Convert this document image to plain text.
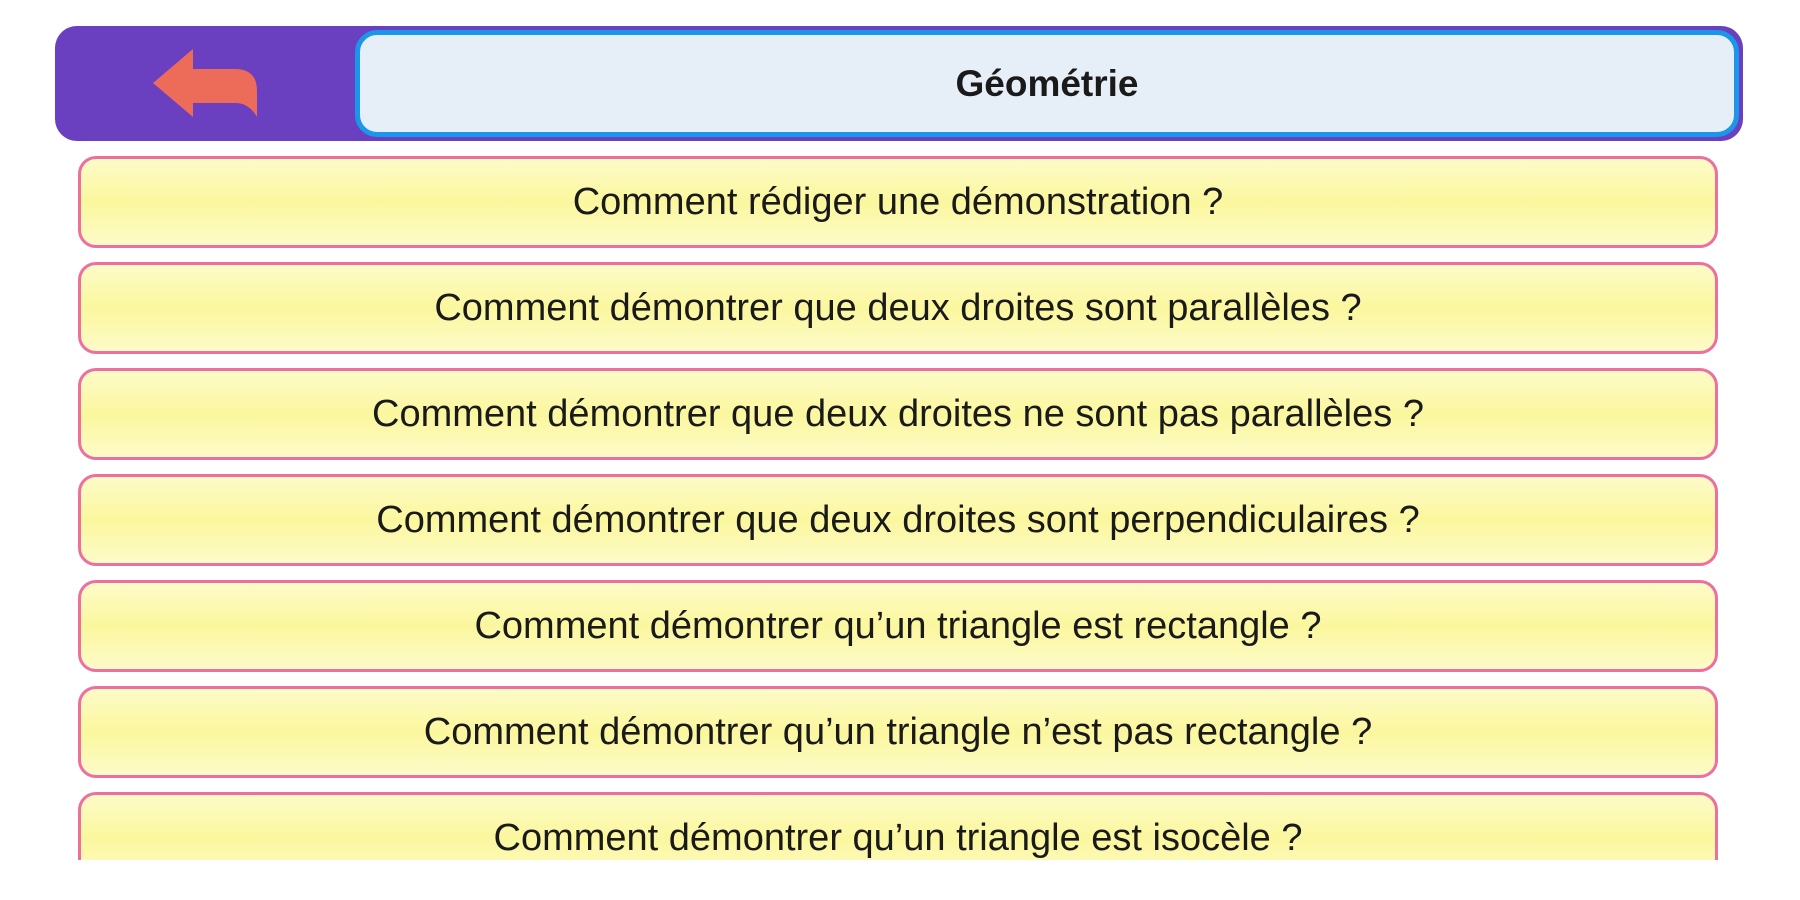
Géométrie
Comment rédiger une démonstration ?
Comment démontrer que deux droites sont parallèles ?
Comment démontrer que deux droites ne sont pas parallèles ?
Comment démontrer que deux droites sont perpendiculaires ?
Comment démontrer qu’un triangle est rectangle ?
Comment démontrer qu’un triangle n’est pas rectangle ?
Comment démontrer qu’un triangle est isocèle ?
